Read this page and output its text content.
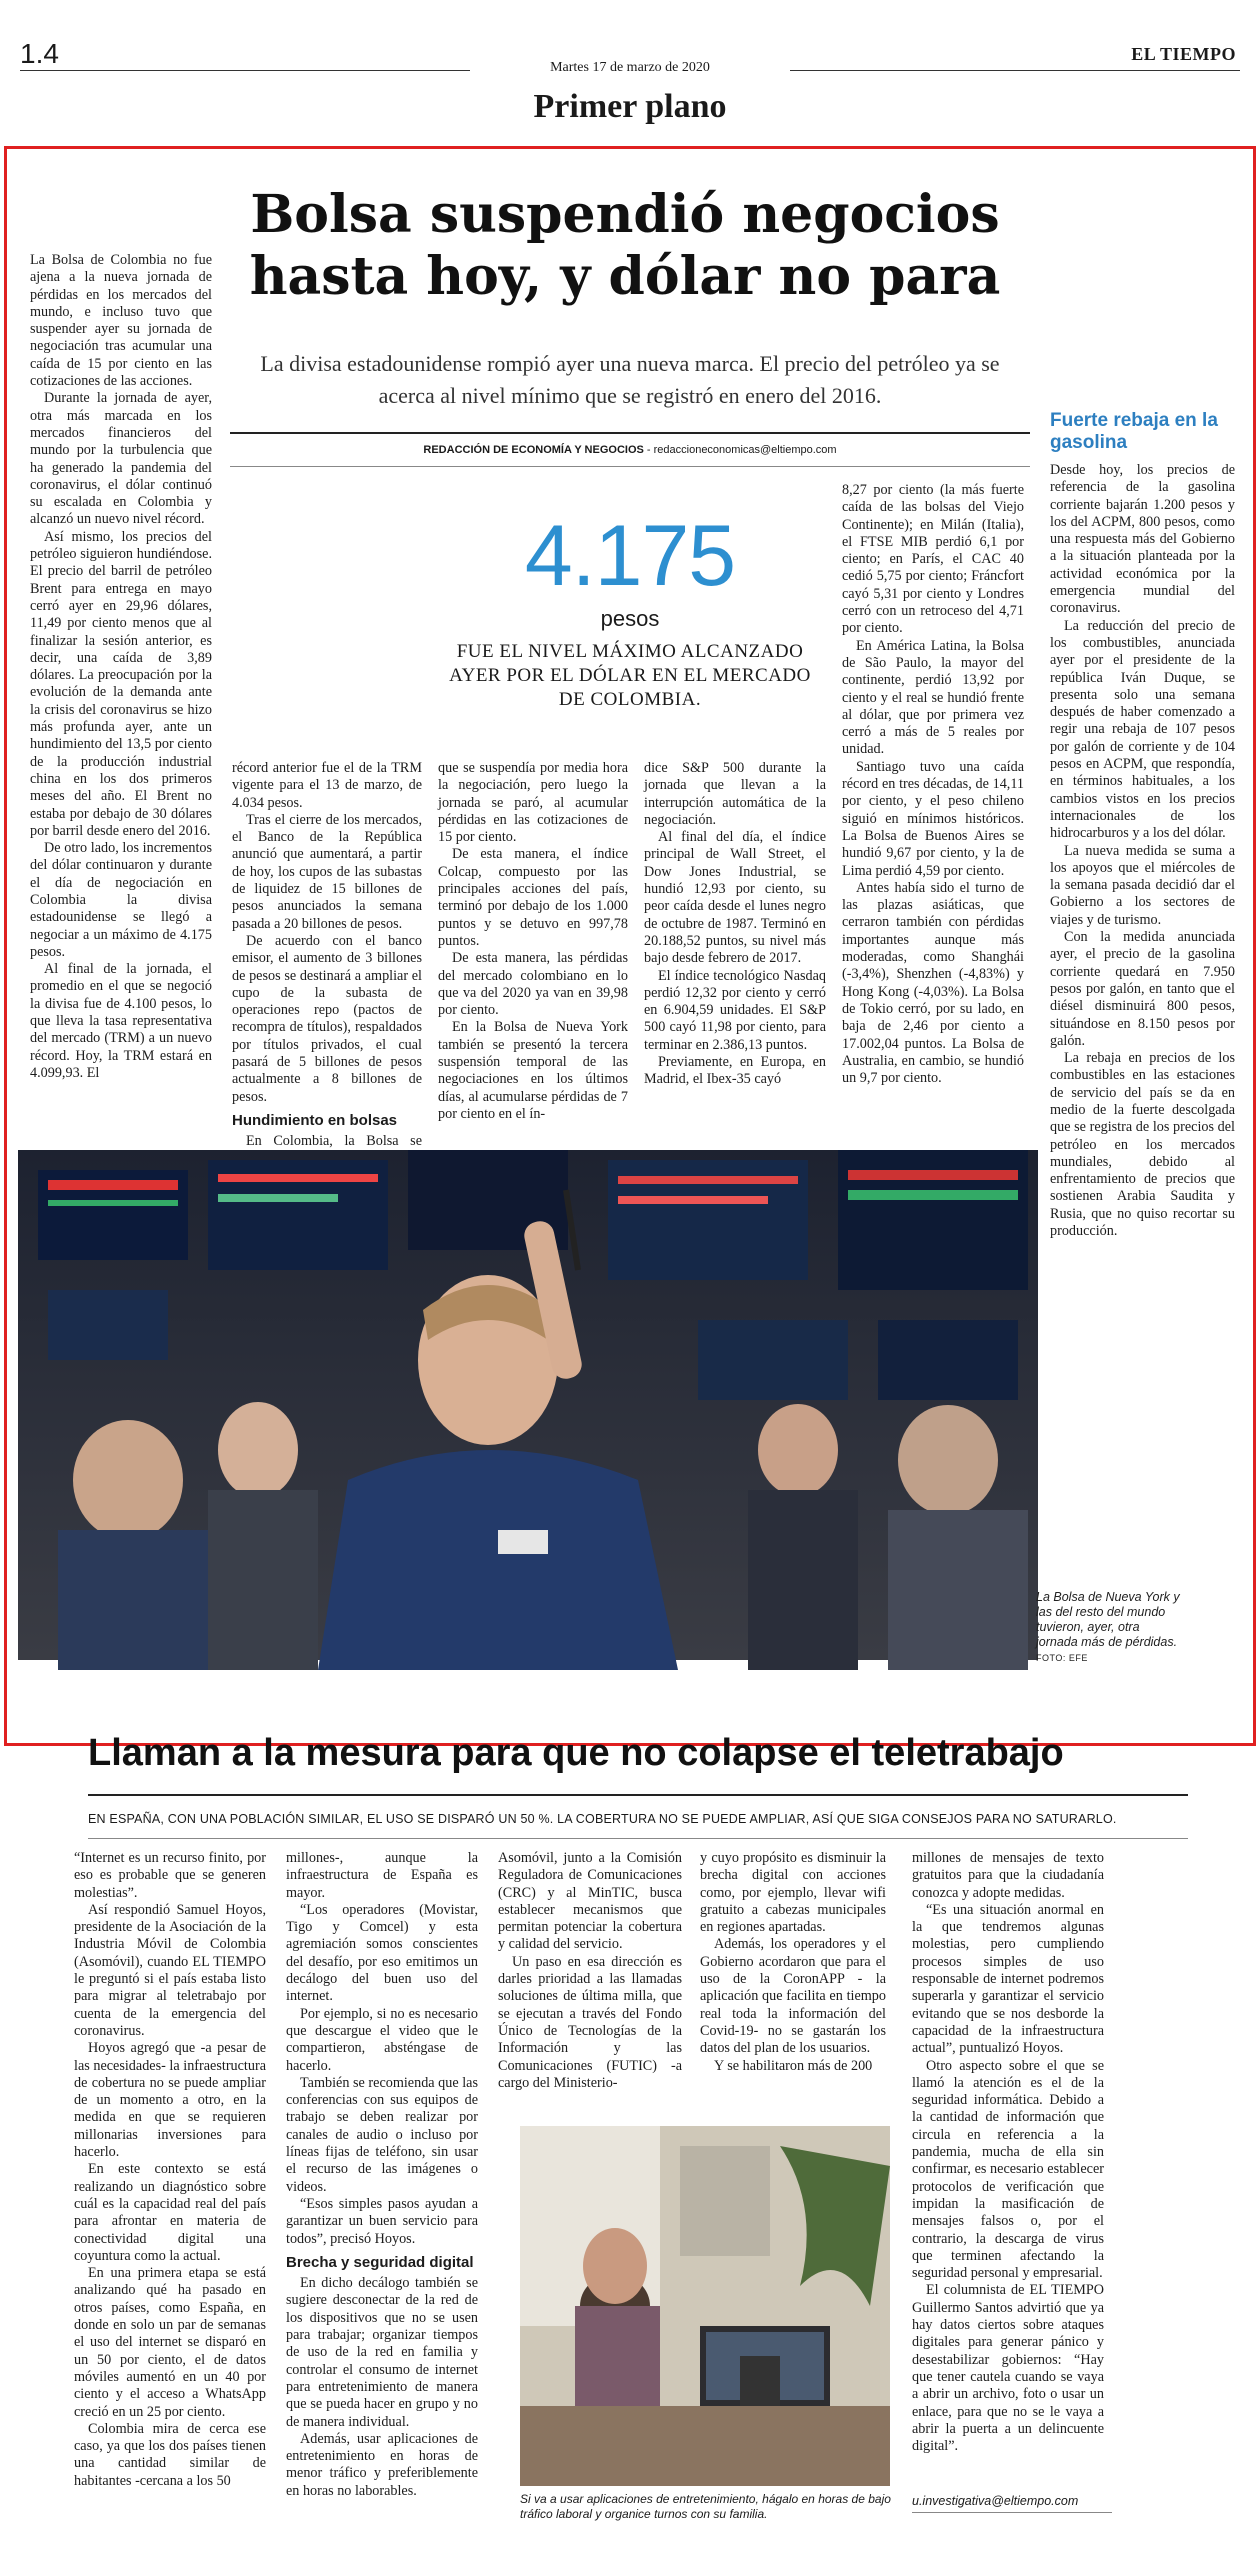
1.4	EL TIEMPO
Martes 17 de marzo de 2020
Primer plano
Bolsa suspendió negocios hasta hoy, y dólar no para
La divisa estadounidense rompió ayer una nueva marca. El precio del petróleo ya se acerca al nivel mínimo que se registró en enero del 2016.
REDACCIÓN DE ECONOMÍA Y NEGOCIOS - redaccioneconomicas@eltiempo.com

La Bolsa de Colombia no fue ajena a la nueva jornada de pérdidas en los mercados del mundo, e incluso tuvo que suspender ayer su jornada de negociación tras acumular una caída de 15 por ciento en las cotizaciones de las acciones.

Durante la jornada de ayer, otra más marcada en los mercados financieros del mundo por la turbulencia que ha generado la pandemia del coronavirus, el dólar continuó su escalada en Colombia y alcanzó un nuevo nivel récord.

Así mismo, los precios del petróleo siguieron hundiéndose. El precio del barril de petróleo Brent para entrega en mayo cerró ayer en 29,96 dólares, 11,49 por ciento menos que al finalizar la sesión anterior, es decir, una caída de 3,89 dólares. La preocupación por la evolución de la demanda ante la crisis del coronavirus se hizo más profunda ayer, ante un hundimiento del 13,5 por ciento de la producción industrial china en los dos primeros meses del año. El Brent no estaba por debajo de 30 dólares por barril desde enero del 2016.

De otro lado, los incrementos del dólar continuaron y durante el día de negociación en Colombia la divisa estadounidense se llegó a negociar a un máximo de 4.175 pesos.

Al final de la jornada, el promedio en el que se negoció la divisa fue de 4.100 pesos, lo que lleva la tasa representativa del mercado (TRM) a un nuevo récord. Hoy, la TRM estará en 4.099,93. El

4.175
pesos
FUE EL NIVEL MÁXIMO ALCANZADO AYER POR EL DÓLAR EN EL MERCADO DE COLOMBIA.

récord anterior fue el de la TRM vigente para el 13 de marzo, de 4.034 pesos.

Tras el cierre de los mercados, el Banco de la República anunció que aumentará, a partir de hoy, los cupos de las subastas de liquidez de 15 billones de pesos anunciados la semana pasada a 20 billones de pesos.

De acuerdo con el banco emisor, el aumento de 3 billones de pesos se destinará a ampliar el cupo de la subasta de operaciones repo (pactos de recompra de títulos), respaldados por títulos privados, el cual pasará de 5 billones de pesos actualmente a 8 billones de pesos.

Hundimiento en bolsas

En Colombia, la Bolsa se

que se suspendía por media hora la negociación, pero luego la jornada se paró, al acumular pérdidas en las cotizaciones de 15 por ciento.

De esta manera, el índice Colcap, compuesto por las principales acciones del país, terminó por debajo de los 1.000 puntos y se detuvo en 997,78 puntos.

De esta manera, las pérdidas del mercado colombiano en lo que va del 2020 ya van en 39,98 por ciento.

En la Bolsa de Nueva York también se presentó la tercera suspensión temporal de las negociaciones en los últimos días, al acumularse pérdidas de 7 por ciento en el ín-

dice S&P 500 durante la jornada que llevan a la interrupción automática de la negociación.

Al final del día, el índice principal de Wall Street, el Dow Jones Industrial, se hundió 12,93 por ciento, su peor caída desde el lunes negro de octubre de 1987. Terminó en 20.188,52 puntos, su nivel más bajo desde febrero de 2017.

El índice tecnológico Nasdaq perdió 12,32 por ciento y cerró en 6.904,59 unidades. El S&P 500 cayó 11,98 por ciento, para terminar en 2.386,13 puntos.

Previamente, en Europa, en Madrid, el Ibex-35 cayó

8,27 por ciento (la más fuerte caída de las bolsas del Viejo Continente); en Milán (Italia), el FTSE MIB perdió 6,1 por ciento; en París, el CAC 40 cedió 5,75 por ciento; Fráncfort cayó 5,31 por ciento y Londres cerró con un retroceso del 4,71 por ciento.

En América Latina, la Bolsa de São Paulo, la mayor del continente, perdió 13,92 por ciento y el real se hundió frente al dólar, que por primera vez cerró a más de 5 reales por unidad.

Santiago tuvo una caída récord en tres décadas, de 14,11 por ciento, y el peso chileno siguió en mínimos históricos. La Bolsa de Buenos Aires se hundió 9,67 por ciento, y la de Lima perdió 4,59 por ciento.

Antes había sido el turno de las plazas asiáticas, que cerraron también con pérdidas importantes aunque más moderadas, como Shanghái (-3,4%), Shenzhen (-4,83%) y Hong Kong (-4,03%). La Bolsa de Tokio cerró, por su lado, en baja de 2,46 por ciento a 17.002,04 puntos. La Bolsa de Australia, en cambio, se hundió un 9,7 por ciento.

Fuerte rebaja en la gasolina

Desde hoy, los precios de referencia de la gasolina corriente bajarán 1.200 pesos y los del ACPM, 800 pesos, como una respuesta más del Gobierno a la situación planteada por la actividad económica por la emergencia mundial del coronavirus.

La reducción del precio de los combustibles, anunciada ayer por el presidente de la república Iván Duque, se presenta solo una semana después de haber comenzado a regir una rebaja de 107 pesos por galón de corriente y de 104 pesos en ACPM, que respondía, en términos habituales, a los cambios vistos en los precios internacionales de los hidrocarburos y a los del dólar.

La nueva medida se suma a los apoyos que el miércoles de la semana pasada decidió dar el Gobierno a los sectores de viajes y de turismo.

Con la medida anunciada ayer, el precio de la gasolina corriente quedará en 7.950 pesos por galón, en tanto que el diésel disminuirá 800 pesos, situándose en 8.150 pesos por galón.

La rebaja en precios de los combustibles en las estaciones de servicio del país se da en medio de la fuerte descolgada que se registra de los precios del petróleo en los mercados mundiales, debido al enfrentamiento de precios que sostienen Arabia Saudita y Rusia, que no quiso recortar su producción.

La Bolsa de Nueva York y las del resto del mundo tuvieron, ayer, otra jornada más de pérdidas. FOTO: EFE
Llaman a la mesura para que no colapse el teletrabajo
EN ESPAÑA, CON UNA POBLACIÓN SIMILAR, EL USO SE DISPARÓ UN 50 %. LA COBERTURA NO SE PUEDE AMPLIAR, ASÍ QUE SIGA CONSEJOS PARA NO SATURARLO.

“Internet es un recurso finito, por eso es probable que se generen molestias”.

Así respondió Samuel Hoyos, presidente de la Asociación de la Industria Móvil de Colombia (Asomóvil), cuando EL TIEMPO le preguntó si el país estaba listo para migrar al teletrabajo por cuenta de la emergencia del coronavirus.

Hoyos agregó que -a pesar de las necesidades- la infraestructura de cobertura no se puede ampliar de un momento a otro, en la medida en que se requieren millonarias inversiones para hacerlo.

En este contexto se está realizando un diagnóstico sobre cuál es la capacidad real del país para afrontar en materia de conectividad digital una coyuntura como la actual.

En una primera etapa se está analizando qué ha pasado en otros países, como España, en donde en solo un par de semanas el uso del internet se disparó en un 50 por ciento, el de datos móviles aumentó en un 40 por ciento y el acceso a WhatsApp creció en un 25 por ciento.

Colombia mira de cerca ese caso, ya que los dos países tienen una cantidad similar de habitantes -cercana a los 50

millones-, aunque la infraestructura de España es mayor.

“Los operadores (Movistar, Tigo y Comcel) y esta agremiación somos conscientes del desafío, por eso emitimos un decálogo del buen uso del internet.

Por ejemplo, si no es necesario que descargue el video que le compartieron, absténgase de hacerlo.

También se recomienda que las conferencias con sus equipos de trabajo se deben realizar por canales de audio o incluso por líneas fijas de teléfono, sin usar el recurso de las imágenes o videos.

“Esos simples pasos ayudan a garantizar un buen servicio para todos”, precisó Hoyos.

Brecha y seguridad digital

En dicho decálogo también se sugiere desconectar de la red de los dispositivos que no se usen para trabajar; organizar tiempos de uso de la red en familia y controlar el consumo de internet para entretenimiento de manera que se pueda hacer en grupo y no de manera individual.

Además, usar aplicaciones de entretenimiento en horas de menor tráfico y preferiblemente en horas no laborables.

Asomóvil, junto a la Comisión Reguladora de Comunicaciones (CRC) y al MinTIC, busca establecer mecanismos que permitan potenciar la cobertura y calidad del servicio.

Un paso en esa dirección es darles prioridad a las llamadas soluciones de última milla, que se ejecutan a través del Fondo Único de Tecnologías de la Información y las Comunicaciones (FUTIC) -a cargo del Ministerio-

y cuyo propósito es disminuir la brecha digital con acciones como, por ejemplo, llevar wifi gratuito a cabezas municipales en regiones apartadas.

Además, los operadores y el Gobierno acordaron que para el uso de la CoronAPP - la aplicación que facilita en tiempo real toda la información del Covid-19- no se gastarán los datos del plan de los usuarios.

Y se habilitaron más de 200

millones de mensajes de texto gratuitos para que la ciudadanía conozca y adopte medidas.

“Es una situación anormal en la que tendremos algunas molestias, pero cumpliendo procesos simples de uso responsable de internet podremos superarla y garantizar el servicio evitando que se nos desborde la capacidad de la infraestructura actual”, puntualizó Hoyos.

Otro aspecto sobre el que se llamó la atención es el de la seguridad informática. Debido a la cantidad de información que circula en referencia a la pandemia, mucha de ella sin confirmar, es necesario establecer protocolos de verificación que impidan la masificación de mensajes falsos o, por el contrario, la descarga de virus que terminen afectando la seguridad personal y empresarial.

El columnista de EL TIEMPO Guillermo Santos advirtió que ya hay datos ciertos sobre ataques digitales para generar pánico y desestabilizar gobiernos: “Hay que tener cautela cuando se vaya a abrir un archivo, foto o usar un enlace, para que no se le vaya a abrir la puerta a un delincuente digital”.

Si va a usar aplicaciones de entretenimiento, hágalo en horas de bajo tráfico laboral y organice turnos con su familia.
u.investigativa@eltiempo.com
